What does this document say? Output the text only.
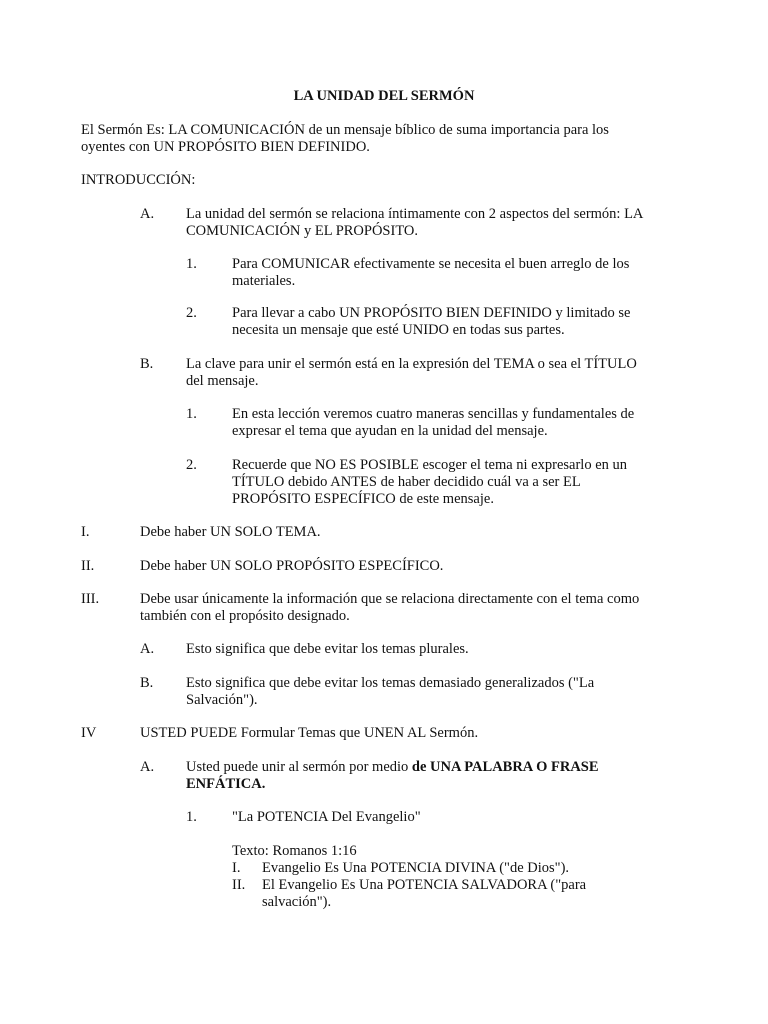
LA UNIDAD DEL SERMÓN
El Sermón Es: LA COMUNICACIÓN de un mensaje bíblico de suma importancia para los
oyentes con UN PROPÓSITO BIEN DEFINIDO.
INTRODUCCIÓN:
A. La unidad del sermón se relaciona íntimamente con 2 aspectos del sermón: LA
COMUNICACIÓN y EL PROPÓSITO.
1. Para COMUNICAR efectivamente se necesita el buen arreglo de los
materiales.
2. Para llevar a cabo UN PROPÓSITO BIEN DEFINIDO y limitado se
necesita un mensaje que esté UNIDO en todas sus partes.
B. La clave para unir el sermón está en la expresión del TEMA o sea el TÍTULO
del mensaje.
1. En esta lección veremos cuatro maneras sencillas y fundamentales de
expresar el tema que ayudan en la unidad del mensaje.
2. Recuerde que NO ES POSIBLE escoger el tema ni expresarlo en un
TÍTULO debido ANTES de haber decidido cuál va a ser EL
PROPÓSITO ESPECÍFICO de este mensaje.
I.	Debe haber UN SOLO TEMA.
II.	Debe haber UN SOLO PROPÓSITO ESPECÍFICO.
III.	Debe usar únicamente la información que se relaciona directamente con el tema como
también con el propósito designado.
A. Esto significa que debe evitar los temas plurales.
B. Esto significa que debe evitar los temas demasiado generalizados ("La
Salvación").
IV	USTED PUEDE Formular Temas que UNEN AL Sermón.
A. Usted puede unir al sermón por medio de UNA PALABRA O FRASE
ENFÁTICA.
1. "La POTENCIA Del Evangelio"
Texto: Romanos 1:16
I. Evangelio Es Una POTENCIA DIVINA ("de Dios").
II. El Evangelio Es Una POTENCIA SALVADORA ("para
salvación").
